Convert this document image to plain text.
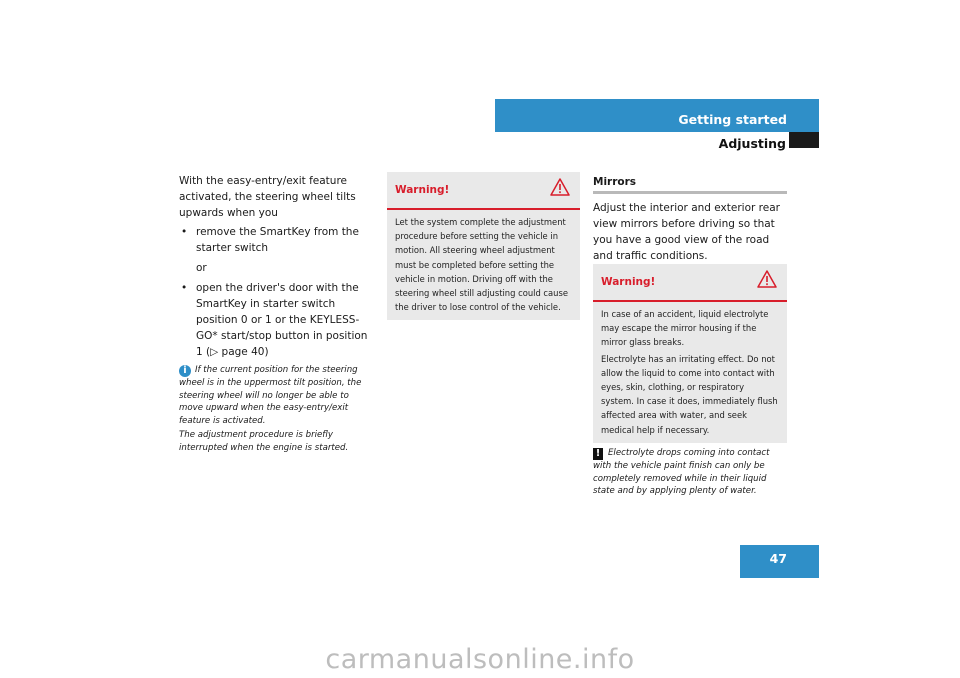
Getting started
Adjusting

With the easy-entry/exit feature activated, the steering wheel tilts upwards when you

• remove the SmartKey from the starter switch

or

• open the driver's door with the SmartKey in starter switch position 0 or 1 or the KEYLESS-GO* start/stop button in position 1 (▷ page 40)

i If the current position for the steering wheel is in the uppermost tilt position, the steering wheel will no longer be able to move upward when the easy-entry/exit feature is activated.

The adjustment procedure is briefly interrupted when the engine is started.

Warning!

Let the system complete the adjustment procedure before setting the vehicle in motion. All steering wheel adjustment must be completed before setting the vehicle in motion. Driving off with the steering wheel still adjusting could cause the driver to lose control of the vehicle.

Mirrors

Adjust the interior and exterior rear view mirrors before driving so that you have a good view of the road and traffic conditions.

Warning!

In case of an accident, liquid electrolyte may escape the mirror housing if the mirror glass breaks.

Electrolyte has an irritating effect. Do not allow the liquid to come into contact with eyes, skin, clothing, or respiratory system. In case it does, immediately flush affected area with water, and seek medical help if necessary.

! Electrolyte drops coming into contact with the vehicle paint finish can only be completely removed while in their liquid state and by applying plenty of water.
47
carmanualsonline.info
